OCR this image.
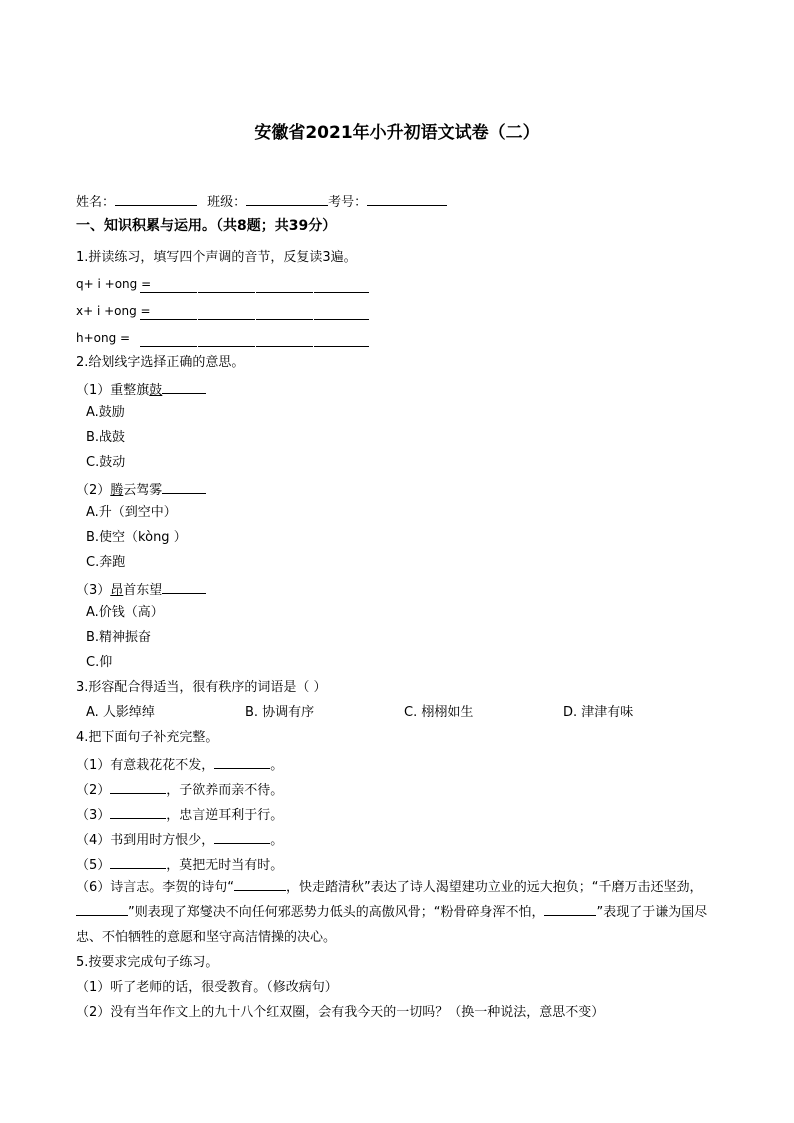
安徽省2021年小升初语文试卷（二）
姓名：	班级：	考号：
一、知识积累与运用。（共8题；共39分）
1.拼读练习，填写四个声调的音节，反复读3遍。
q+ i +ong =
x+ i +ong =
h+ong =
2.给划线字选择正确的意思。
（1）重整旗鼓
A.鼓励
B.战鼓
C.鼓动
（2）腾云驾雾
A.升（到空中）
B.使空（kòng ）
C.奔跑
（3）昂首东望
A.价钱（高）
B.精神振奋
C.仰
3.形容配合得适当，很有秩序的词语是（ ）
A. 人影绰绰	B. 协调有序	C. 栩栩如生	D. 津津有味
4.把下面句子补充完整。
（1）有意栽花花不发，	。
（2）	，子欲养而亲不待。
（3）	，忠言逆耳利于行。
（4）书到用时方恨少，	。
（5）	，莫把无时当有时。
（6）诗言志。李贺的诗句“	，快走踏清秋”表达了诗人渴望建功立业的远大抱负；“千磨万击还坚劲，”则表现了郑燮决不向任何邪恶势力低头的高傲风骨；“粉骨碎身浑不怕，	”表现了于谦为国尽忠、不怕牺牲的意愿和坚守高洁情操的决心。
5.按要求完成句子练习。
（1）听了老师的话，很受教育。（修改病句）
（2）没有当年作文上的九十八个红双圈，会有我今天的一切吗？（换一种说法，意思不变）
